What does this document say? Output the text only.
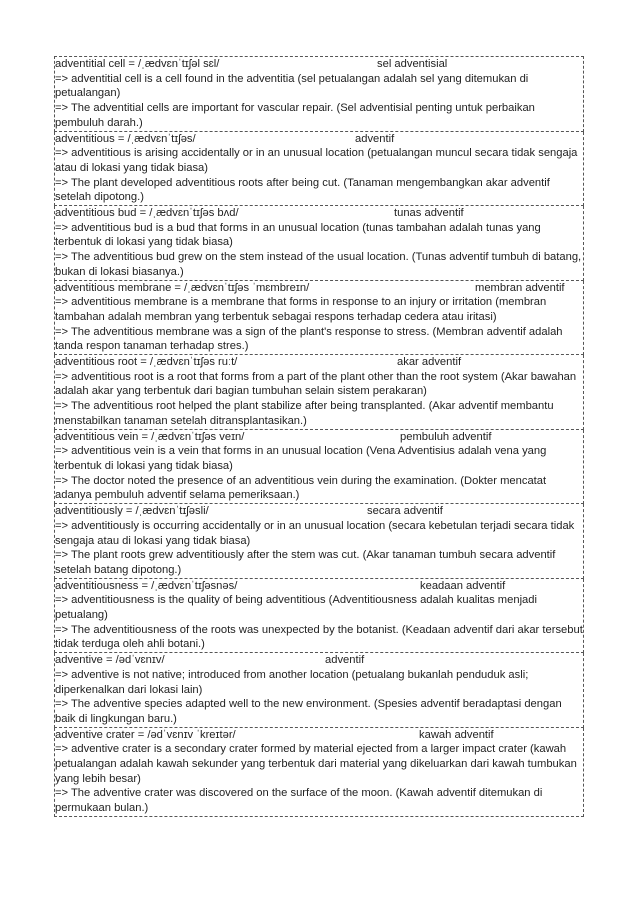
adventitial cell = /ˌædvɛnˈtɪʃəl sɛl/	sel adventisial
=> adventitial cell is a cell found in the adventitia (sel petualangan adalah sel yang ditemukan di petualangan)
=> The adventitial cells are important for vascular repair. (Sel adventisial penting untuk perbaikan pembuluh darah.)
adventitious = /ˌædvɛnˈtɪʃəs/	adventif
=> adventitious is arising accidentally or in an unusual location (petualangan muncul secara tidak sengaja atau di lokasi yang tidak biasa)
=> The plant developed adventitious roots after being cut. (Tanaman mengembangkan akar adventif setelah dipotong.)
adventitious bud = /ˌædvɛnˈtɪʃəs bʌd/	tunas adventif
=> adventitious bud is a bud that forms in an unusual location (tunas tambahan adalah tunas yang terbentuk di lokasi yang tidak biasa)
=> The adventitious bud grew on the stem instead of the usual location. (Tunas adventif tumbuh di batang, bukan di lokasi biasanya.)
adventitious membrane = /ˌædvɛnˈtɪʃəs ˈmɛmbreɪn/	membran adventif
=> adventitious membrane is a membrane that forms in response to an injury or irritation (membran tambahan adalah membran yang terbentuk sebagai respons terhadap cedera atau iritasi)
=> The adventitious membrane was a sign of the plant's response to stress. (Membran adventif adalah tanda respon tanaman terhadap stres.)
adventitious root = /ˌædvɛnˈtɪʃəs ruːt/	akar adventif
=> adventitious root is a root that forms from a part of the plant other than the root system (Akar bawahan adalah akar yang terbentuk dari bagian tumbuhan selain sistem perakaran)
=> The adventitious root helped the plant stabilize after being transplanted. (Akar adventif membantu menstabilkan tanaman setelah ditransplantasikan.)
adventitious vein = /ˌædvɛnˈtɪʃəs veɪn/	pembuluh adventif
=> adventitious vein is a vein that forms in an unusual location (Vena Adventisius adalah vena yang terbentuk di lokasi yang tidak biasa)
=> The doctor noted the presence of an adventitious vein during the examination. (Dokter mencatat adanya pembuluh adventif selama pemeriksaan.)
adventitiously = /ˌædvɛnˈtɪʃəsli/	secara adventif
=> adventitiously is occurring accidentally or in an unusual location (secara kebetulan terjadi secara tidak sengaja atau di lokasi yang tidak biasa)
=> The plant roots grew adventitiously after the stem was cut. (Akar tanaman tumbuh secara adventif setelah batang dipotong.)
adventitiousness = /ˌædvɛnˈtɪʃəsnəs/	keadaan adventif
=> adventitiousness is the quality of being adventitious (Adventitiousness adalah kualitas menjadi petualang)
=> The adventitiousness of the roots was unexpected by the botanist. (Keadaan adventif dari akar tersebut tidak terduga oleh ahli botani.)
adventive = /ədˈvɛnɪv/	adventif
=> adventive is not native; introduced from another location (petualang bukanlah penduduk asli; diperkenalkan dari lokasi lain)
=> The adventive species adapted well to the new environment. (Spesies adventif beradaptasi dengan baik di lingkungan baru.)
adventive crater = /ədˈvɛnɪv ˈkreɪtər/	kawah adventif
=> adventive crater is a secondary crater formed by material ejected from a larger impact crater (kawah petualangan adalah kawah sekunder yang terbentuk dari material yang dikeluarkan dari kawah tumbukan yang lebih besar)
=> The adventive crater was discovered on the surface of the moon. (Kawah adventif ditemukan di permukaan bulan.)
